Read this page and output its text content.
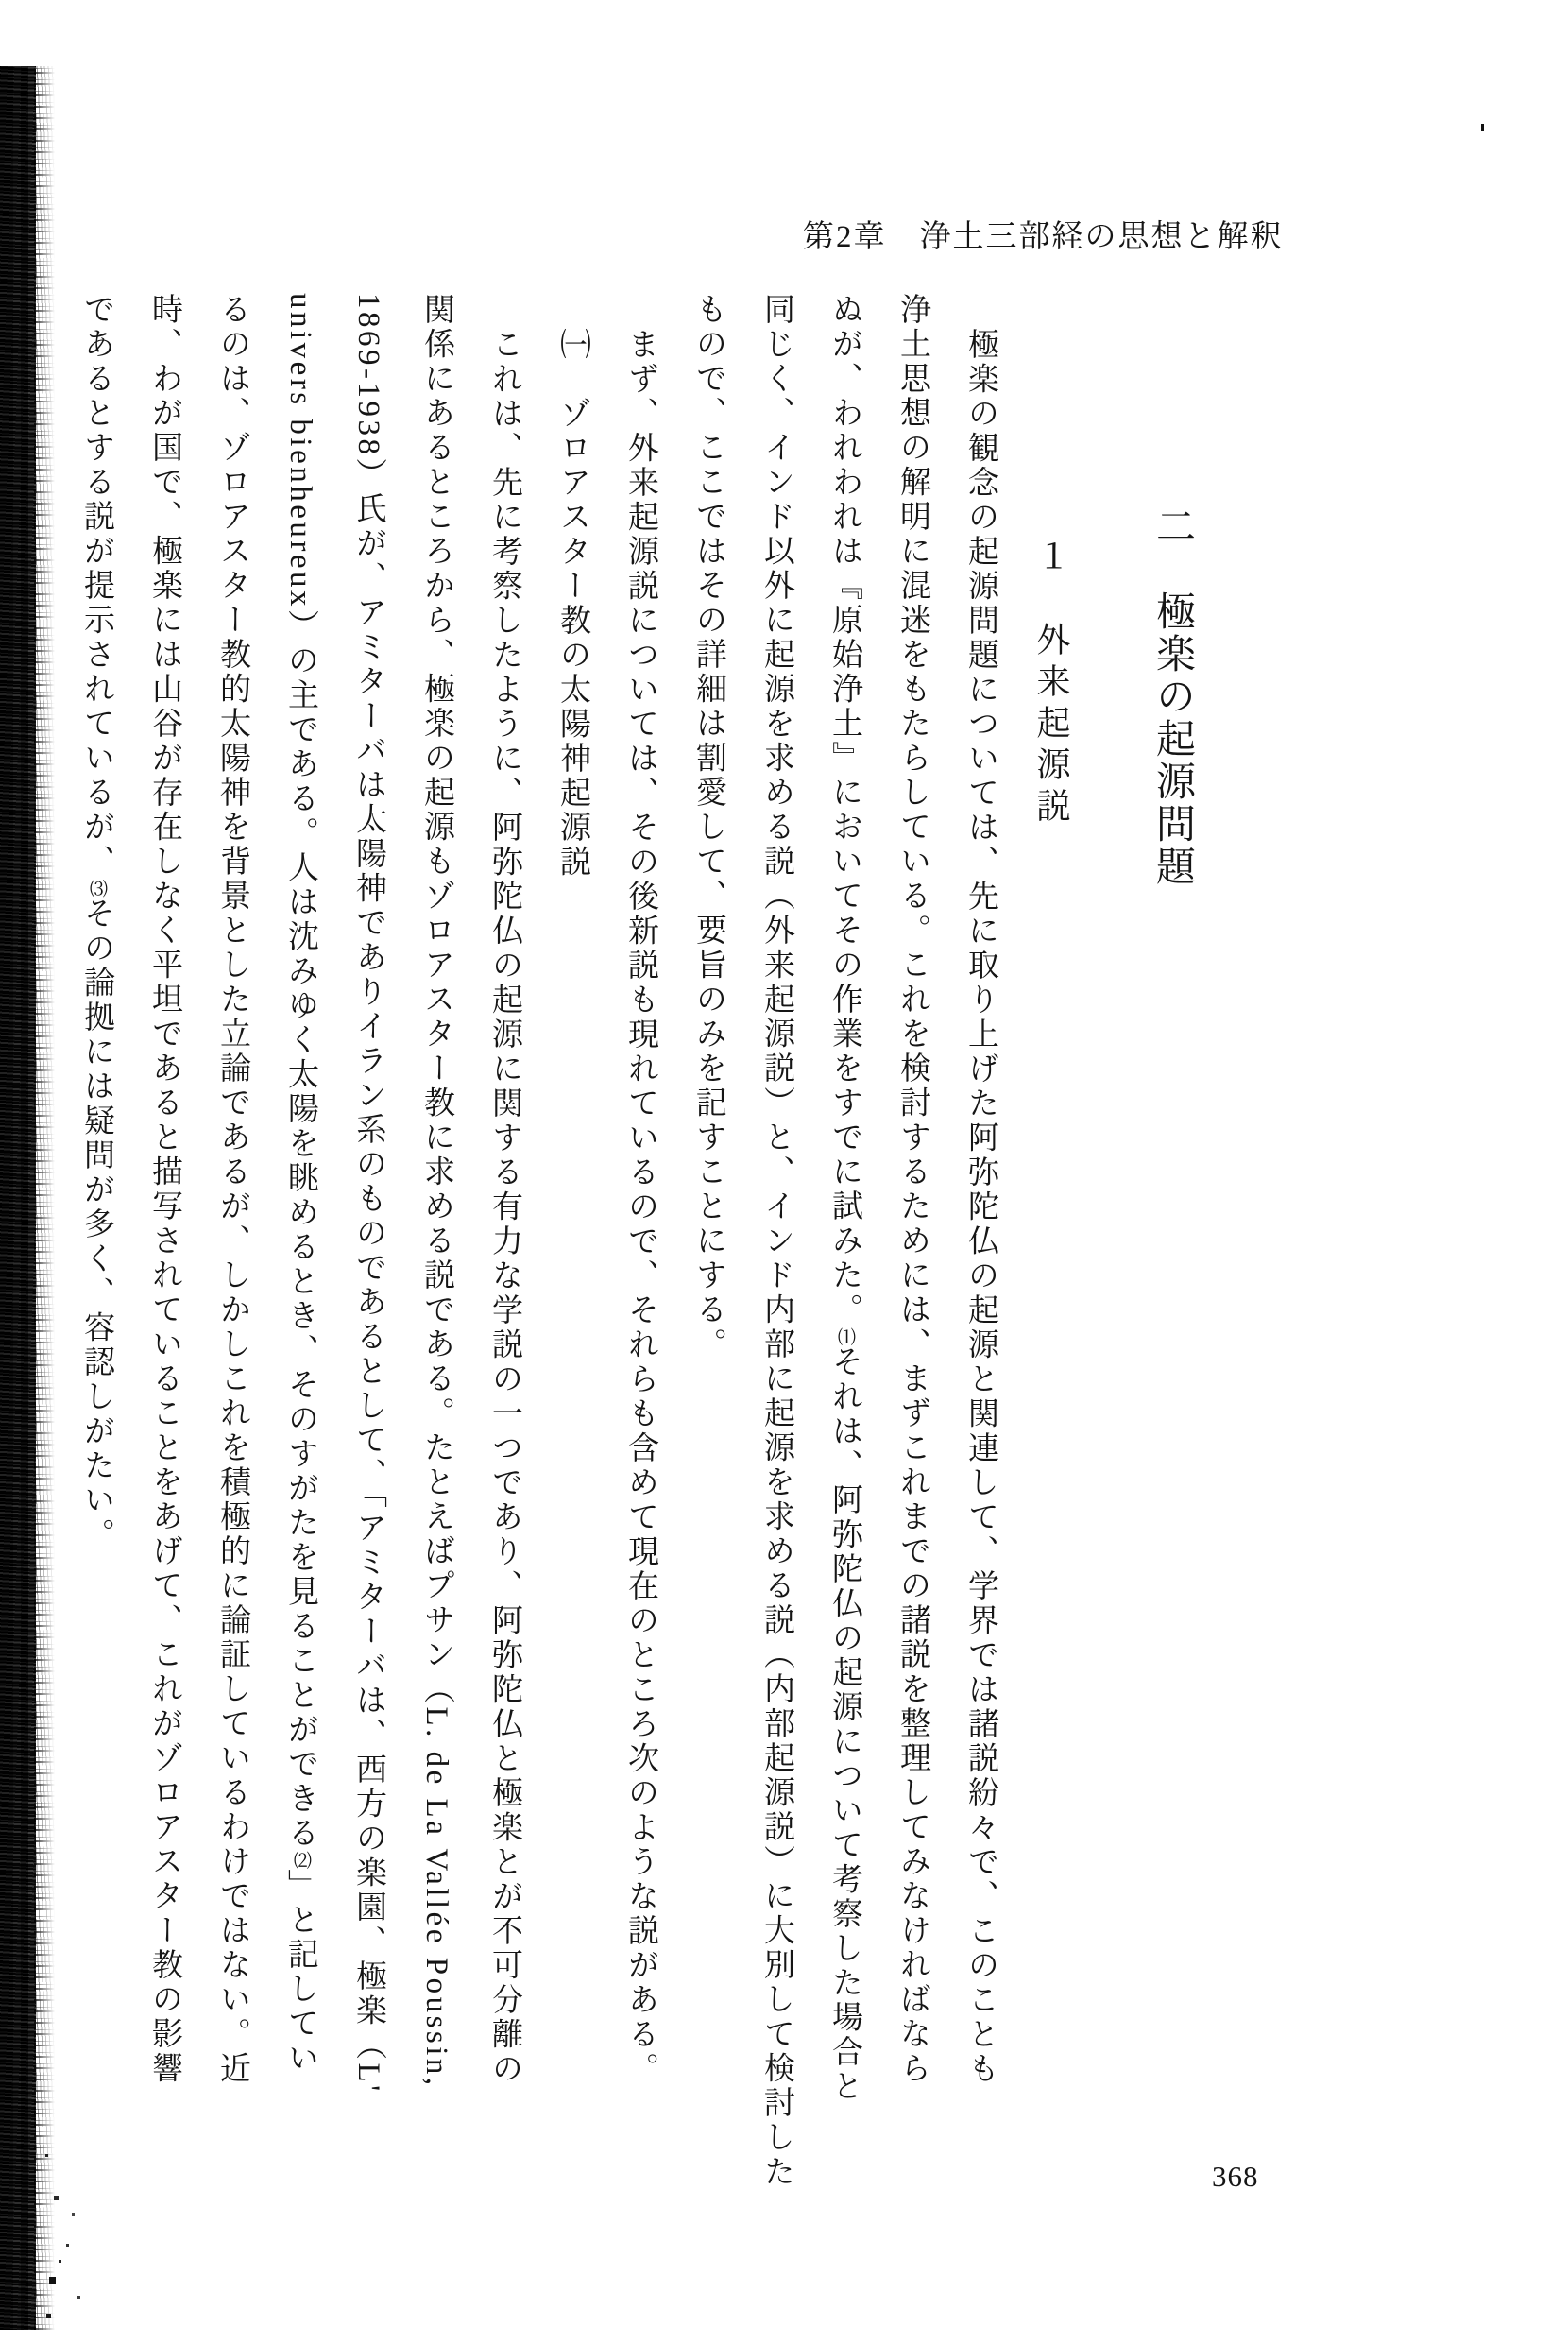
第2章　浄土三部経の思想と解釈
二　極楽の起源問題
１　外来起源説
極楽の観念の起源問題については、先に取り上げた阿弥陀仏の起源と関連して、学界では諸説紛々で、このことも
浄土思想の解明に混迷をもたらしている。これを検討するためには、まずこれまでの諸説を整理してみなければなら
ぬが、われわれは『原始浄土』においてその作業をすでに試みた。⑴それは、阿弥陀仏の起源について考察した場合と
同じく、インド以外に起源を求める説（外来起源説）と、インド内部に起源を求める説（内部起源説）に大別して検討した
もので、ここではその詳細は割愛して、要旨のみを記すことにする。
まず、外来起源説については、その後新説も現れているので、それらも含めて現在のところ次のような説がある。
㈠　ゾロアスター教の太陽神起源説
これは、先に考察したように、阿弥陀仏の起源に関する有力な学説の一つであり、阿弥陀仏と極楽とが不可分離の
関係にあるところから、極楽の起源もゾロアスター教に求める説である。たとえばプサン（L. de La Vallée Poussin,
1869-1938）氏が、アミターバは太陽神でありイラン系のものであるとして、「アミターバは、西方の楽園、極楽（L'
univers bienheureux）の主である。人は沈みゆく太陽を眺めるとき、そのすがたを見ることができる⑵」と記してい
るのは、ゾロアスター教的太陽神を背景とした立論であるが、しかしこれを積極的に論証しているわけではない。近
時、わが国で、極楽には山谷が存在しなく平坦であると描写されていることをあげて、これがゾロアスター教の影響
であるとする説が提示されているが、⑶その論拠には疑問が多く、容認しがたい。
368
